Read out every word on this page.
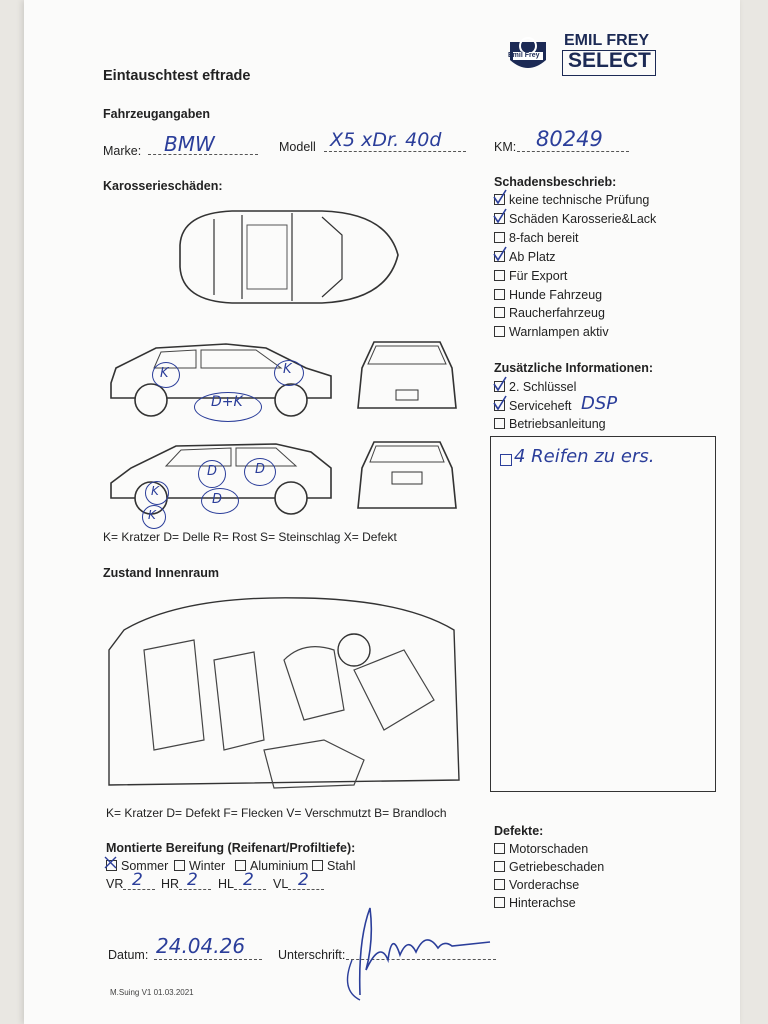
Emil Frey
EMIL FREY
SELECT
Eintauschtest eftrade
Fahrzeugangaben
Marke: BMW	Modell X5 xDr. 40d	KM: 80249
Karosserieschäden:
K	K
D+K
D	D
D
K
K
K= Kratzer D= Delle R= Rost S= Steinschlag X= Defekt
Schadensbeschrieb:
keine technische Prüfung
Schäden Karosserie&Lack
8-fach bereit
Ab Platz
Für Export
Hunde Fahrzeug
Raucherfahrzeug
Warnlampen aktiv
Zusätzliche Informationen:
2. Schlüssel
Serviceheft DSP
Betriebsanleitung
4 Reifen zu ers.
Zustand Innenraum
K= Kratzer D= Defekt F= Flecken V= Verschmutzt B= Brandloch
Montierte Bereifung (Reifenart/Profiltiefe):
Sommer	Winter	Aluminium	Stahl
VR 2 HR 2 HL 2 VL 2
Defekte:
Motorschaden
Getriebeschaden
Vorderachse
Hinterachse
Datum: 24.04.26	Unterschrift:
M.Suing V1 01.03.2021
